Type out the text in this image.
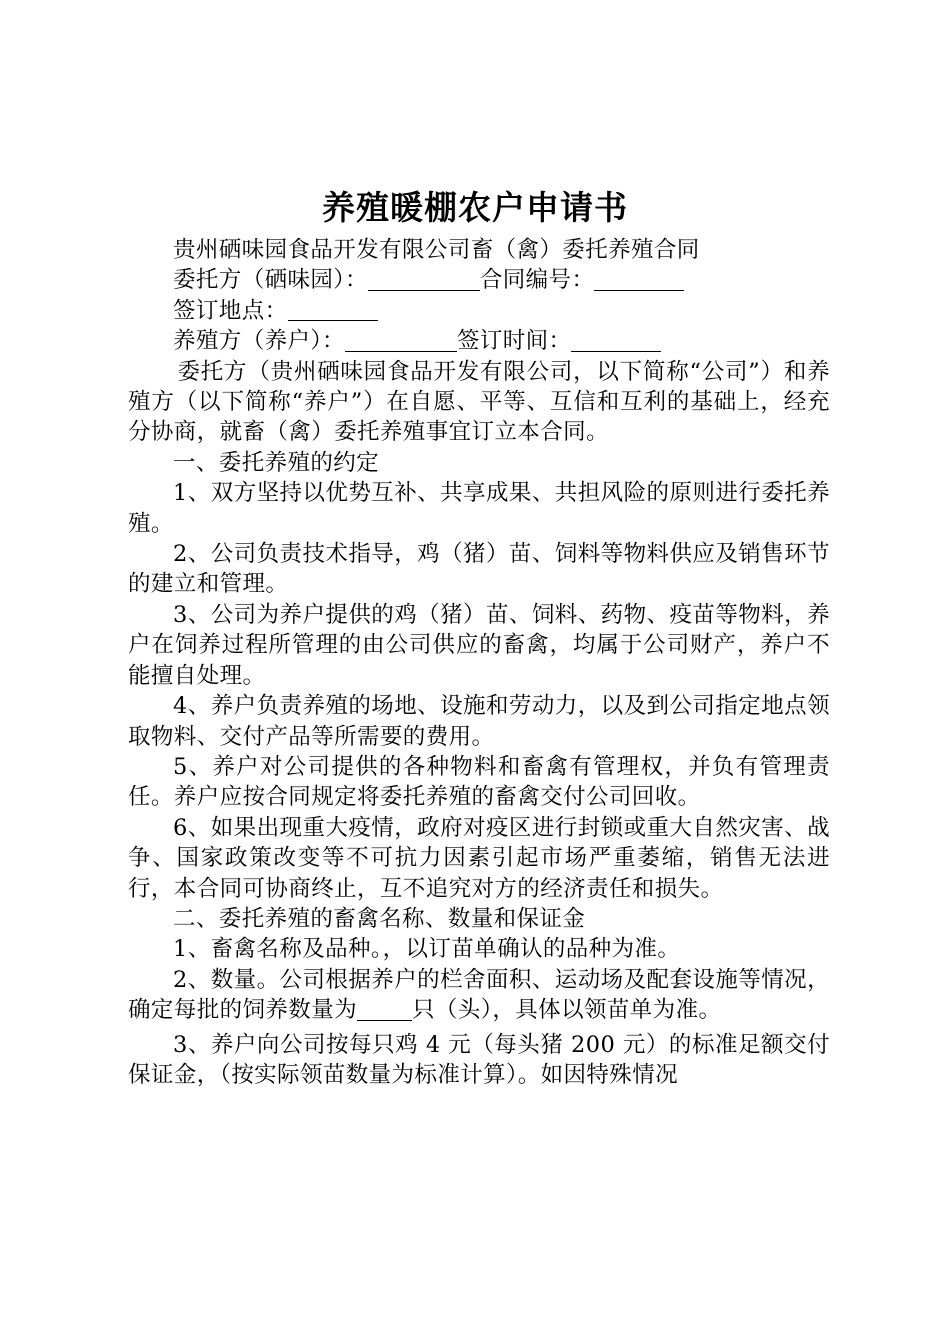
养殖暖棚农户申请书

贵州硒味园食品开发有限公司畜（禽）委托养殖合同

委托方（硒味园）：	合同编号：

签订地点：

养殖方（养户）：	签订时间：

委托方（贵州硒味园食品开发有限公司，以下简称“公司”）和养殖方（以下简称“养户”）在自愿、平等、互信和互利的基础上，经充分协商，就畜（禽）委托养殖事宜订立本合同。

一、委托养殖的约定

1、双方坚持以优势互补、共享成果、共担风险的原则进行委托养殖。

2、公司负责技术指导，鸡（猪）苗、饲料等物料供应及销售环节的建立和管理。

3、公司为养户提供的鸡（猪）苗、饲料、药物、疫苗等物料，养户在饲养过程所管理的由公司供应的畜禽，均属于公司财产，养户不能擅自处理。

4、养户负责养殖的场地、设施和劳动力，以及到公司指定地点领取物料、交付产品等所需要的费用。

5、养户对公司提供的各种物料和畜禽有管理权，并负有管理责任。养户应按合同规定将委托养殖的畜禽交付公司回收。

6、如果出现重大疫情，政府对疫区进行封锁或重大自然灾害、战争、国家政策改变等不可抗力因素引起市场严重萎缩，销售无法进行，本合同可协商终止，互不追究对方的经济责任和损失。

二、委托养殖的畜禽名称、数量和保证金

1、畜禽名称及品种。，以订苗单确认的品种为准。

2、数量。公司根据养户的栏舍面积、运动场及配套设施等情况，确定每批的饲养数量为 只（头），具体以领苗单为准。

3、养户向公司按每只鸡 4 元（每头猪 200 元）的标准足额交付保证金，（按实际领苗数量为标准计算）。如因特殊情况
